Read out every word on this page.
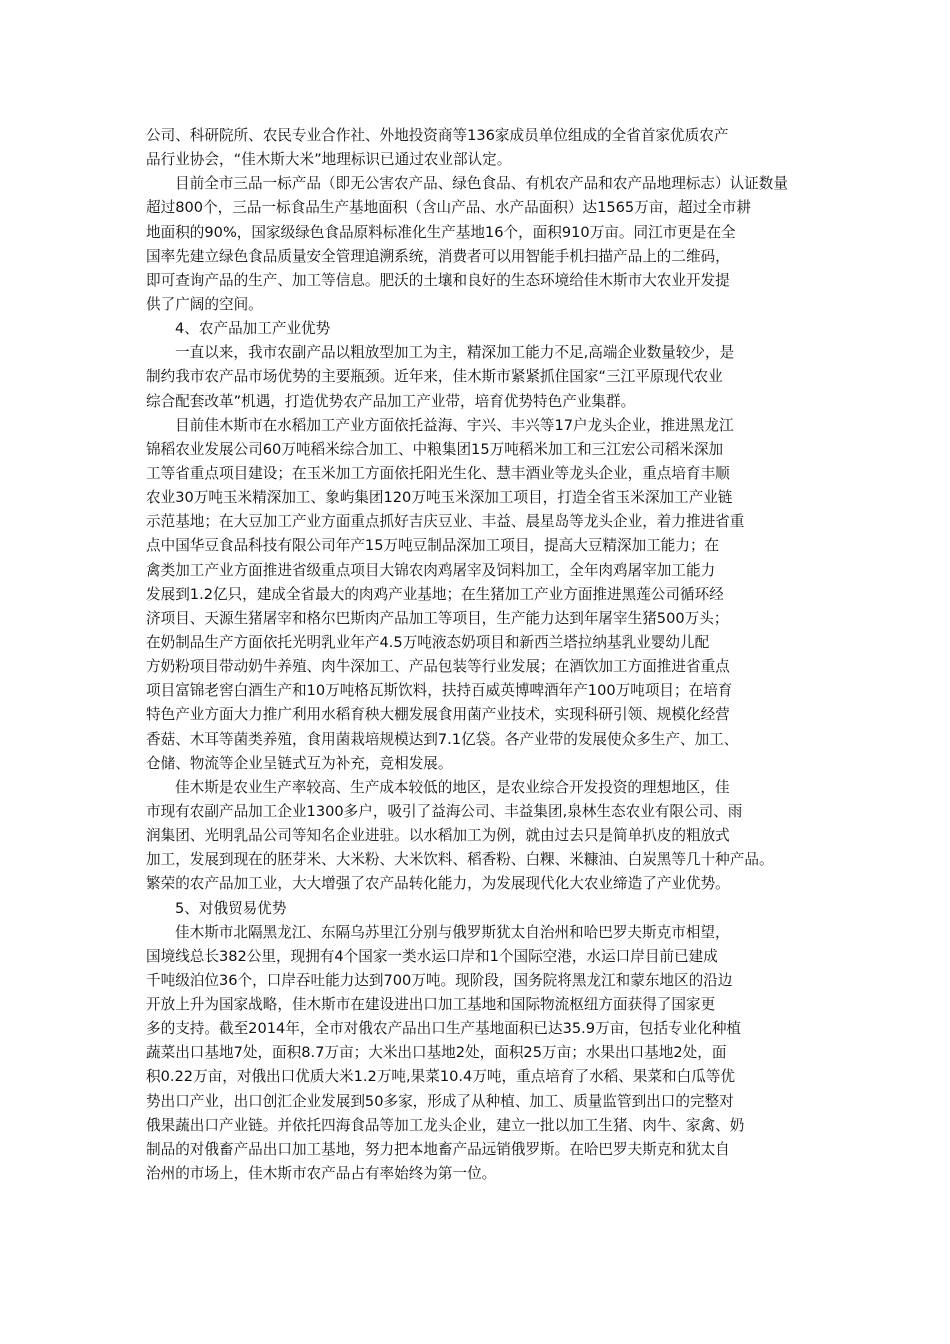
公司、科研院所、农民专业合作社、外地投资商等136家成员单位组成的全省首家优质农产
品行业协会，“佳木斯大米”地理标识已通过农业部认定。
目前全市三品一标产品（即无公害农产品、绿色食品、有机农产品和农产品地理标志）认证数量
超过800个，三品一标食品生产基地面积（含山产品、水产品面积）达1565万亩，超过全市耕
地面积的90%，国家级绿色食品原料标准化生产基地16个，面积910万亩。同江市更是在全
国率先建立绿色食品质量安全管理追溯系统，消费者可以用智能手机扫描产品上的二维码，
即可查询产品的生产、加工等信息。肥沃的土壤和良好的生态环境给佳木斯市大农业开发提
供了广阔的空间。
4、农产品加工产业优势
一直以来，我市农副产品以粗放型加工为主，精深加工能力不足,高端企业数量较少，是
制约我市农产品市场优势的主要瓶颈。近年来，佳木斯市紧紧抓住国家“三江平原现代农业
综合配套改革”机遇，打造优势农产品加工产业带，培育优势特色产业集群。
目前佳木斯市在水稻加工产业方面依托益海、宇兴、丰兴等17户龙头企业，推进黑龙江
锦稻农业发展公司60万吨稻米综合加工、中粮集团15万吨稻米加工和三江宏公司稻米深加
工等省重点项目建设；在玉米加工方面依托阳光生化、慧丰酒业等龙头企业，重点培育丰顺
农业30万吨玉米精深加工、象屿集团120万吨玉米深加工项目，打造全省玉米深加工产业链
示范基地；在大豆加工产业方面重点抓好吉庆豆业、丰益、晨星岛等龙头企业，着力推进省重
点中国华豆食品科技有限公司年产15万吨豆制品深加工项目，提高大豆精深加工能力；在
禽类加工产业方面推进省级重点项目大锦农肉鸡屠宰及饲料加工，全年肉鸡屠宰加工能力
发展到1.2亿只，建成全省最大的肉鸡产业基地；在生猪加工产业方面推进黑莲公司循环经
济项目、天源生猪屠宰和格尔巴斯肉产品加工等项目，生产能力达到年屠宰生猪500万头；
在奶制品生产方面依托光明乳业年产4.5万吨液态奶项目和新西兰塔拉纳基乳业婴幼儿配
方奶粉项目带动奶牛养殖、肉牛深加工、产品包装等行业发展；在酒饮加工方面推进省重点
项目富锦老窖白酒生产和10万吨格瓦斯饮料，扶持百威英博啤酒年产100万吨项目；在培育
特色产业方面大力推广利用水稻育秧大棚发展食用菌产业技术，实现科研引领、规模化经营
香菇、木耳等菌类养殖，食用菌栽培规模达到7.1亿袋。各产业带的发展使众多生产、加工、
仓储、物流等企业呈链式互为补充，竞相发展。
佳木斯是农业生产率较高、生产成本较低的地区，是农业综合开发投资的理想地区，佳
市现有农副产品加工企业1300多户，吸引了益海公司、丰益集团,泉林生态农业有限公司、雨
润集团、光明乳品公司等知名企业进驻。以水稻加工为例，就由过去只是简单扒皮的粗放式
加工，发展到现在的胚芽米、大米粉、大米饮料、稻香粉、白粿、米糠油、白炭黑等几十种产品。
繁荣的农产品加工业，大大增强了农产品转化能力，为发展现代化大农业缔造了产业优势。
5、对俄贸易优势
佳木斯市北隔黑龙江、东隔乌苏里江分别与俄罗斯犹太自治州和哈巴罗夫斯克市相望，
国境线总长382公里，现拥有4个国家一类水运口岸和1个国际空港，水运口岸目前已建成
千吨级泊位36个，口岸吞吐能力达到700万吨。现阶段，国务院将黑龙江和蒙东地区的沿边
开放上升为国家战略，佳木斯市在建设进出口加工基地和国际物流枢纽方面获得了国家更
多的支持。截至2014年，全市对俄农产品出口生产基地面积已达35.9万亩，包括专业化种植
蔬菜出口基地7处，面积8.7万亩；大米出口基地2处，面积25万亩；水果出口基地2处，面
积0.22万亩，对俄出口优质大米1.2万吨,果菜10.4万吨，重点培育了水稻、果菜和白瓜等优
势出口产业，出口创汇企业发展到50多家，形成了从种植、加工、质量监管到出口的完整对
俄果蔬出口产业链。并依托四海食品等加工龙头企业，建立一批以加工生猪、肉牛、家禽、奶
制品的对俄畜产品出口加工基地，努力把本地畜产品远销俄罗斯。在哈巴罗夫斯克和犹太自
治州的市场上，佳木斯市农产品占有率始终为第一位。
